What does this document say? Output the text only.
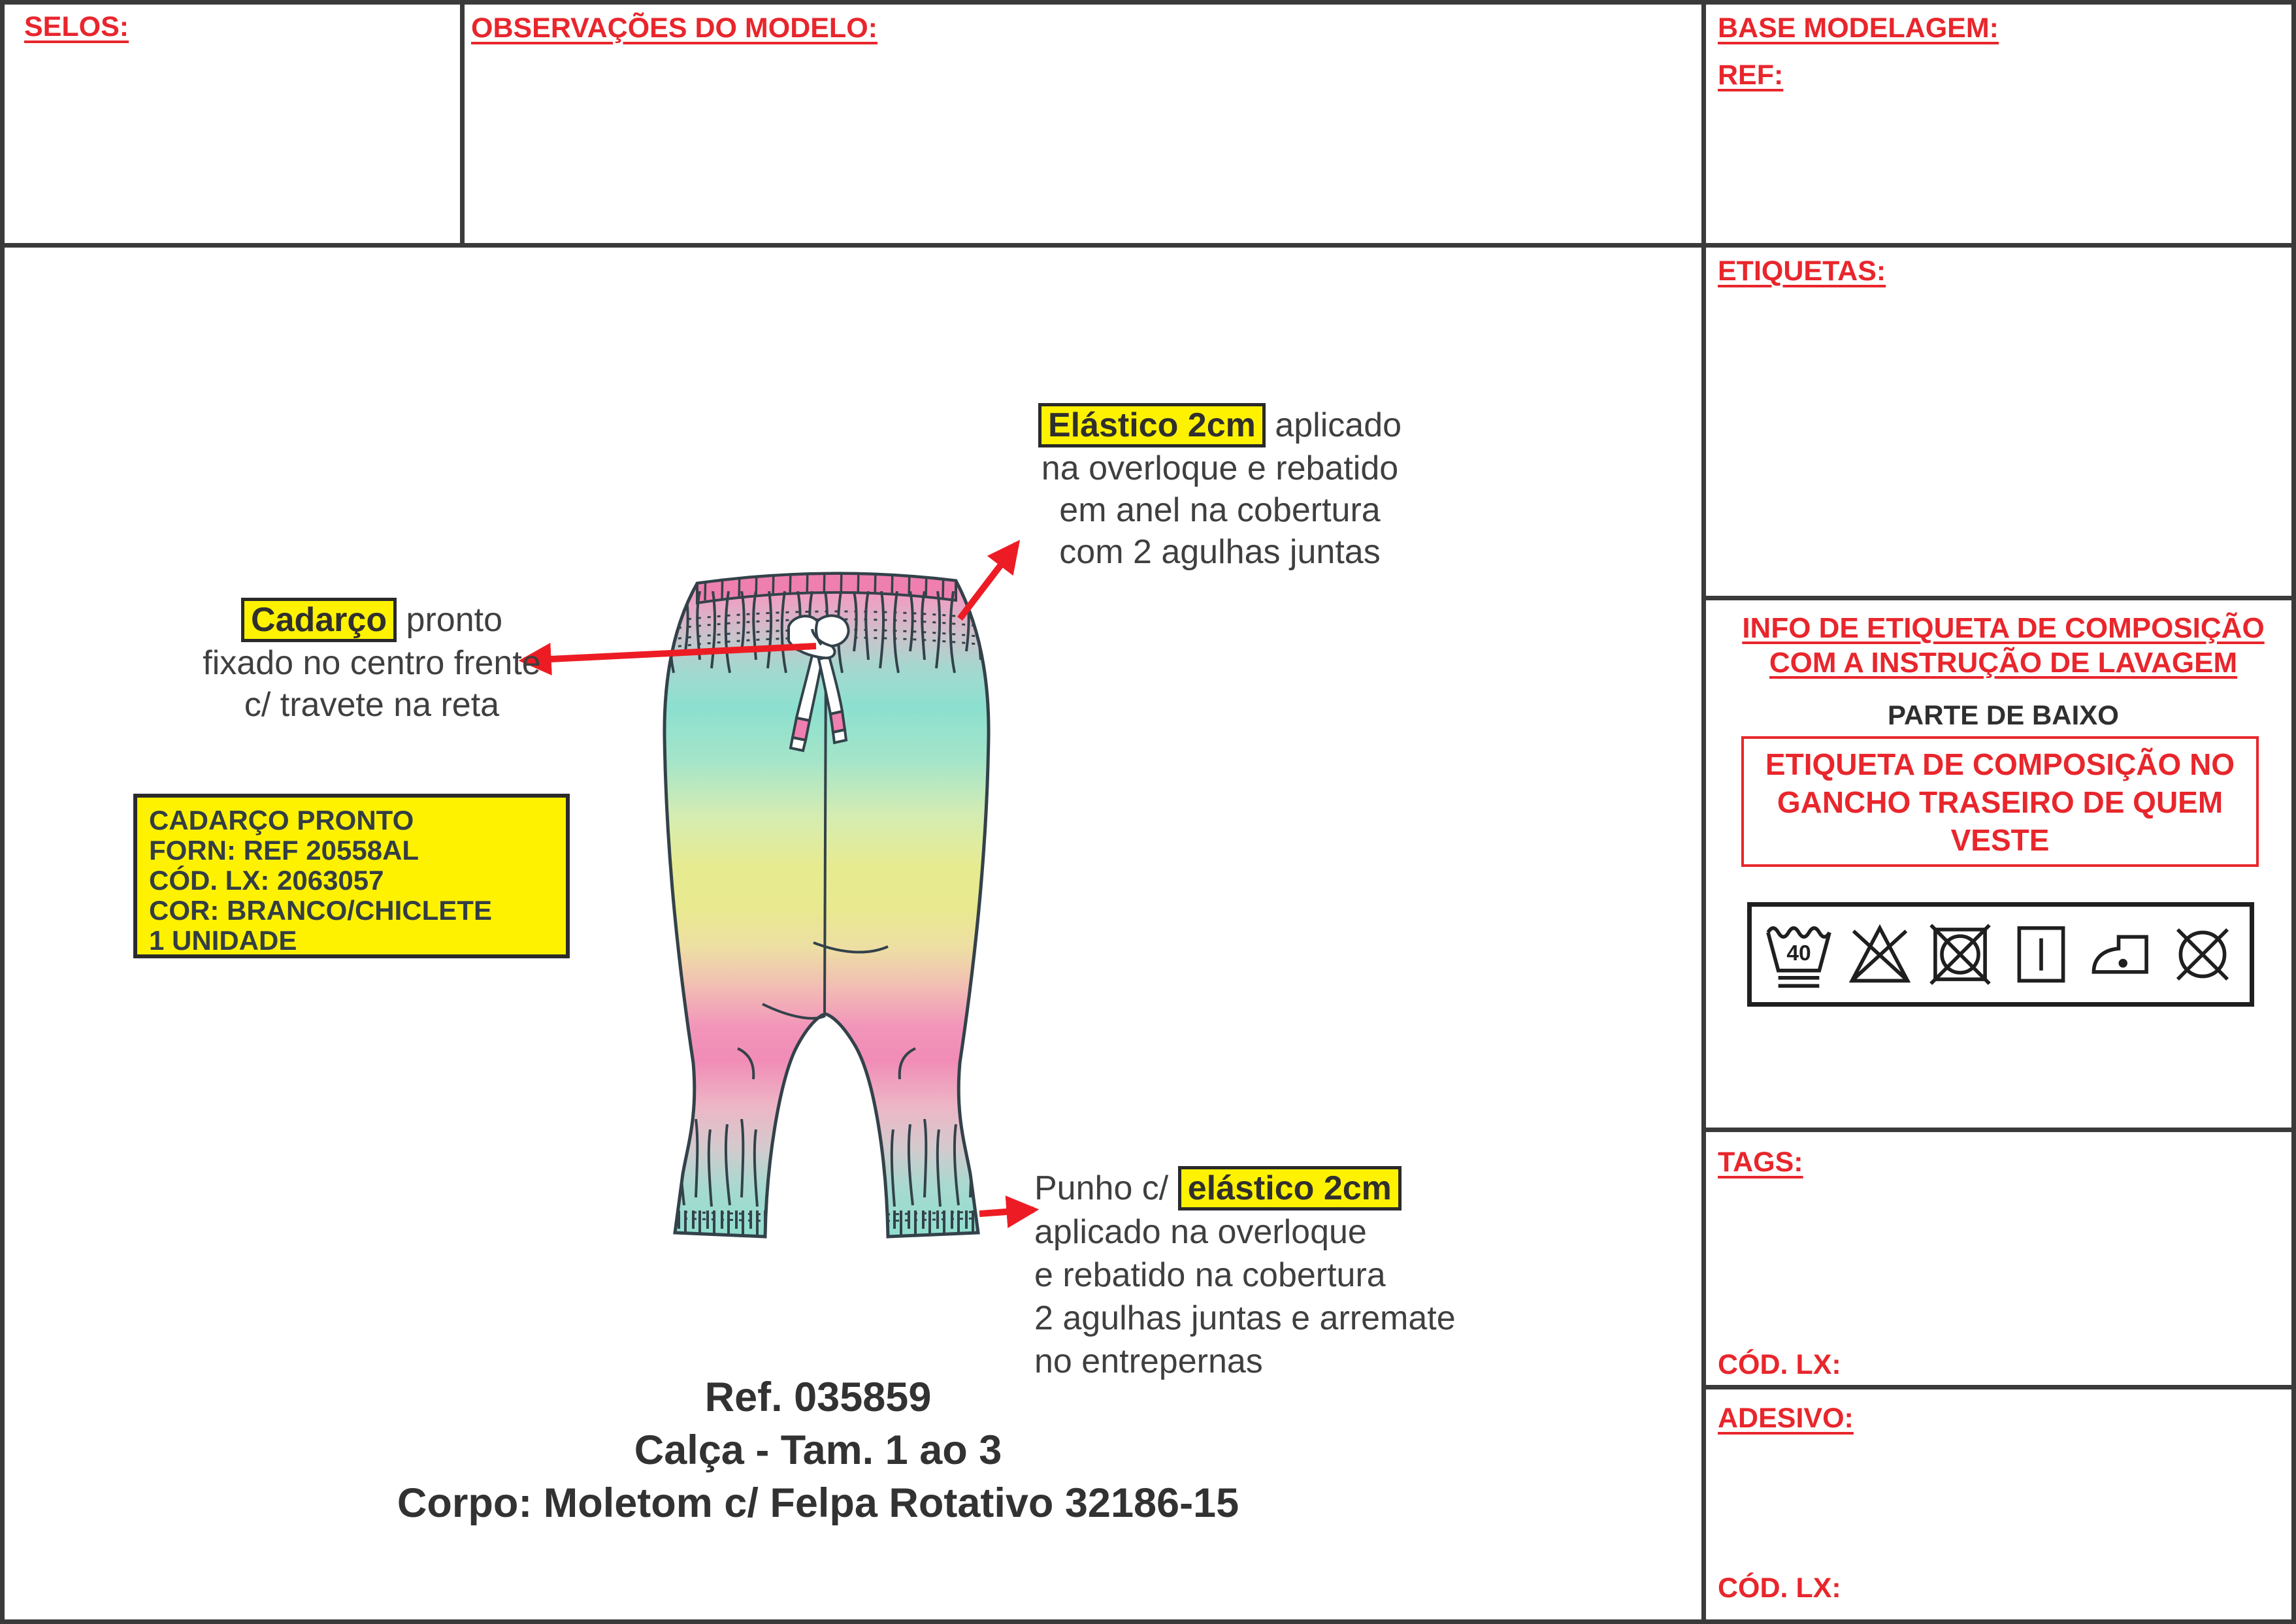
SELOS:	OBSERVAÇÕES DO MODELO:	BASE MODELAGEM:
REF:
ETIQUETAS:
INFO DE ETIQUETA DE COMPOSIÇÃO
COM A INSTRUÇÃO DE LAVAGEM
PARTE DE BAIXO
ETIQUETA DE COMPOSIÇÃO NO
GANCHO TRASEIRO DE QUEM
VESTE
40
TAGS:
CÓD. LX:
ADESIVO:
CÓD. LX:
Elástico 2cm aplicado
na overloque e rebatido
em anel na cobertura
com 2 agulhas juntas
Cadarço pronto
fixado no centro frente
c/ travete na reta
CADARÇO PRONTO
FORN: REF 20558AL
CÓD. LX: 2063057
COR: BRANCO/CHICLETE
1 UNIDADE
Punho c/ elástico 2cm
aplicado na overloque
e rebatido na cobertura
2 agulhas juntas e arremate
no entrepernas
Ref. 035859
Calça - Tam. 1 ao 3
Corpo: Moletom c/ Felpa Rotativo 32186-15
